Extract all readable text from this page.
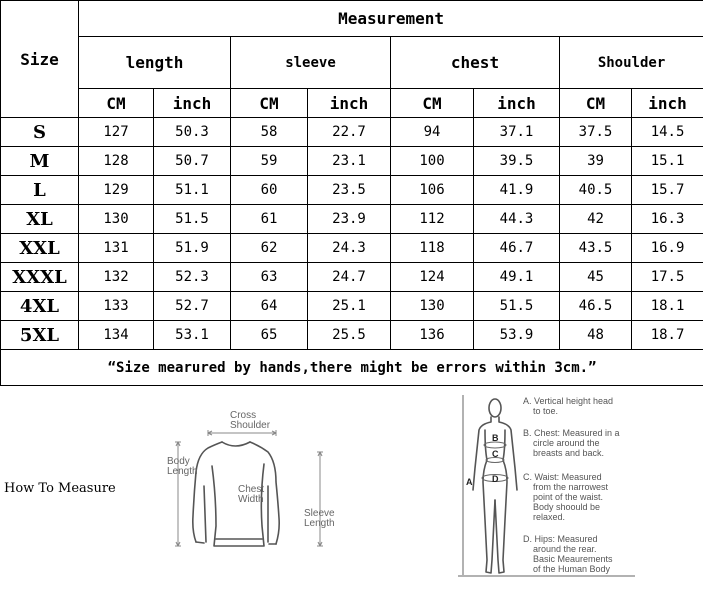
Size	Measurement							
	length		sleeve		chest		Shoulder	
	CM	inch	CM	inch	CM	inch	CM	inch
S	127	50.3	58	22.7	94	37.1	37.5	14.5
M	128	50.7	59	23.1	100	39.5	39	15.1
L	129	51.1	60	23.5	106	41.9	40.5	15.7
XL	130	51.5	61	23.9	112	44.3	42	16.3
XXL	131	51.9	62	24.3	118	46.7	43.5	16.9
XXXL	132	52.3	63	24.7	124	49.1	45	17.5
4XL	133	52.7	64	25.1	130	51.5	46.5	18.1
5XL	134	53.1	65	25.5	136	53.9	48	18.7
“Size mearured by hands,there might be errors within 3cm.”								
How To Measure
Cross Shoulder
Body Length
Chest Width
Sleeve Length
B
C
A D
A. Vertical height head to toe.
B. Chest: Measured in a circle around the breasts and back.
C. Waist: Measured from the narrowest point of the waist. Body shoould be relaxed.
D. Hips: Measured around the rear. Basic Meaurements of the Human Body
